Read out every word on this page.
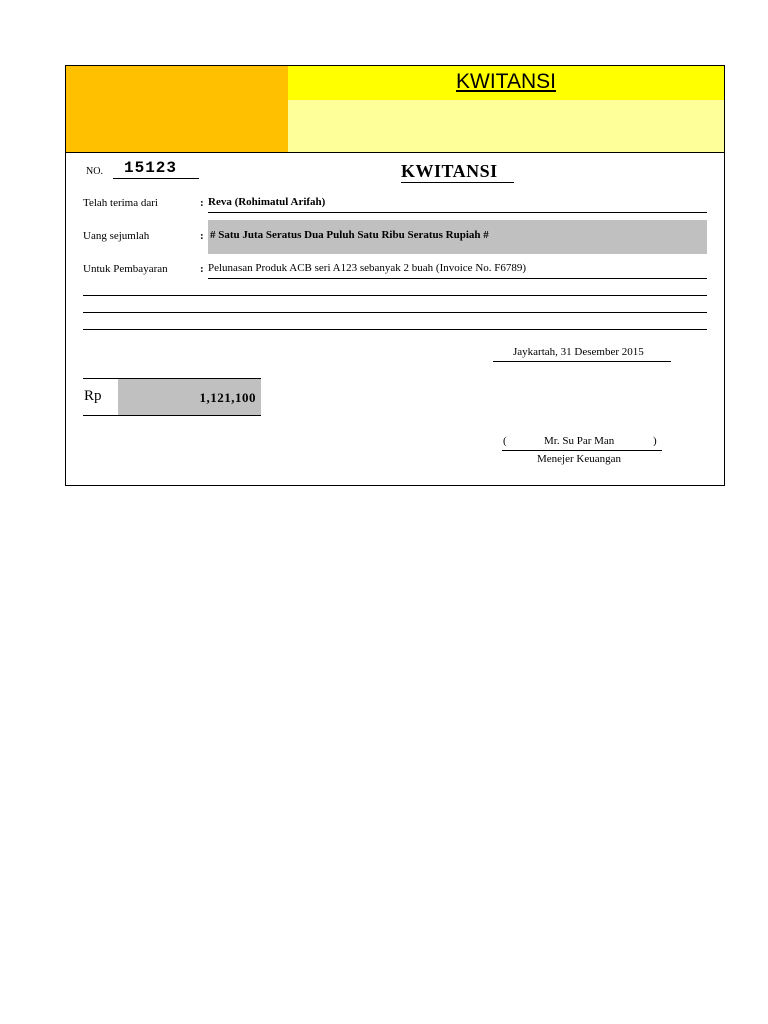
KWITANSI
NO. 15123	KWITANSI
Telah terima dari	: Reva (Rohimatul Arifah)
Uang sejumlah	: # Satu Juta Seratus Dua Puluh Satu Ribu Seratus Rupiah #
Untuk Pembayaran	: Pelunasan Produk ACB seri A123 sebanyak 2 buah (Invoice No. F6789)
Jaykartah, 31 Desember 2015
Rp	1,121,100
(	Mr. Su Par Man	)
Menejer Keuangan
